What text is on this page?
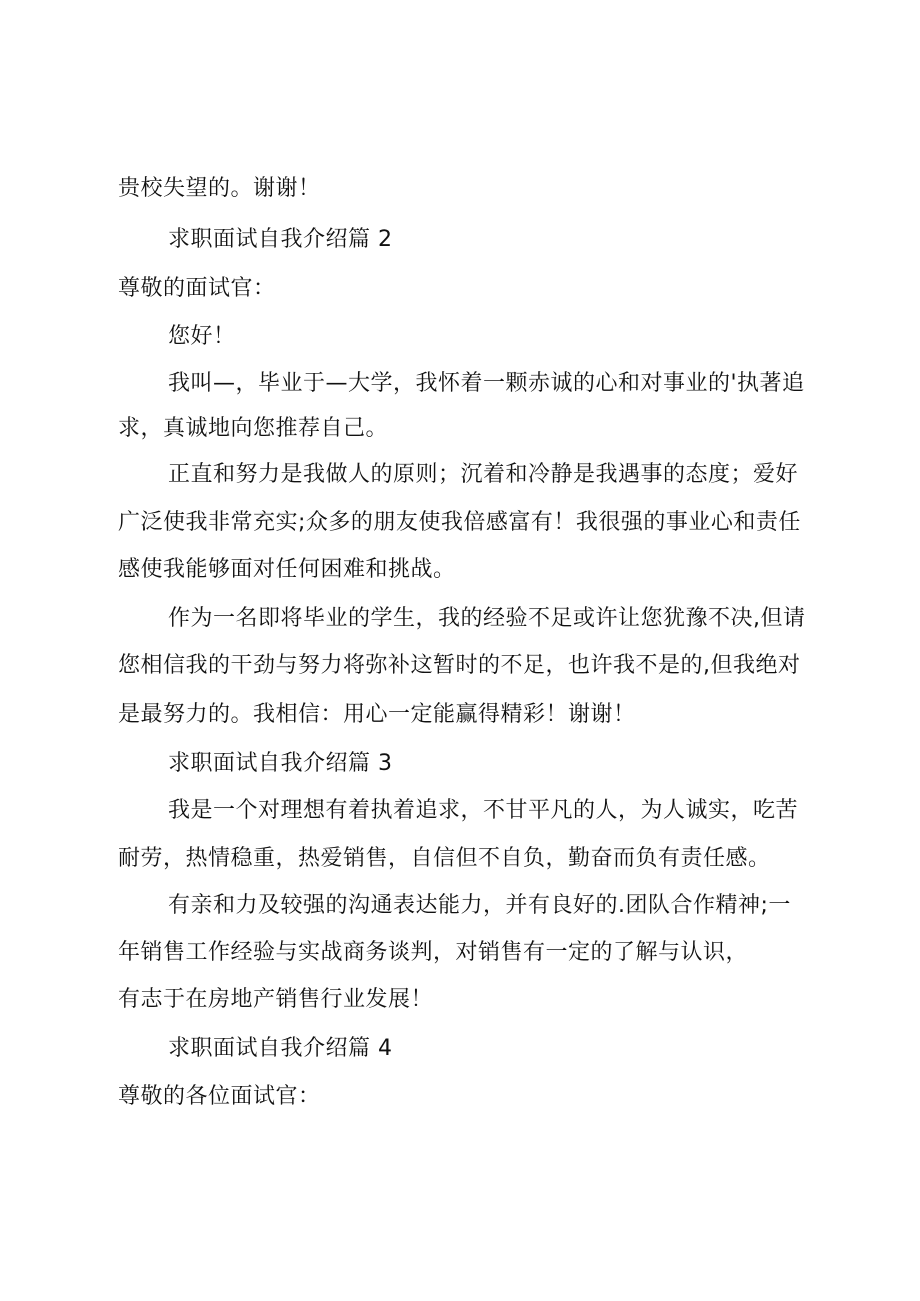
贵校失望的。谢谢！
求职面试自我介绍篇 2
尊敬的面试官：
您好！
我叫—，毕业于—大学，我怀着一颗赤诚的心和对事业的'执著追
求，真诚地向您推荐自己。
正直和努力是我做人的原则；沉着和冷静是我遇事的态度；爱好
广泛使我非常充实;众多的朋友使我倍感富有！我很强的事业心和责任
感使我能够面对任何困难和挑战。
作为一名即将毕业的学生，我的经验不足或许让您犹豫不决,但请
您相信我的干劲与努力将弥补这暂时的不足，也许我不是的,但我绝对
是最努力的。我相信：用心一定能赢得精彩！谢谢！
求职面试自我介绍篇 3
我是一个对理想有着执着追求，不甘平凡的人，为人诚实，吃苦
耐劳，热情稳重，热爱销售，自信但不自负，勤奋而负有责任感。
有亲和力及较强的沟通表达能力，并有良好的.团队合作精神;一
年销售工作经验与实战商务谈判，对销售有一定的了解与认识，
有志于在房地产销售行业发展！
求职面试自我介绍篇 4
尊敬的各位面试官：
